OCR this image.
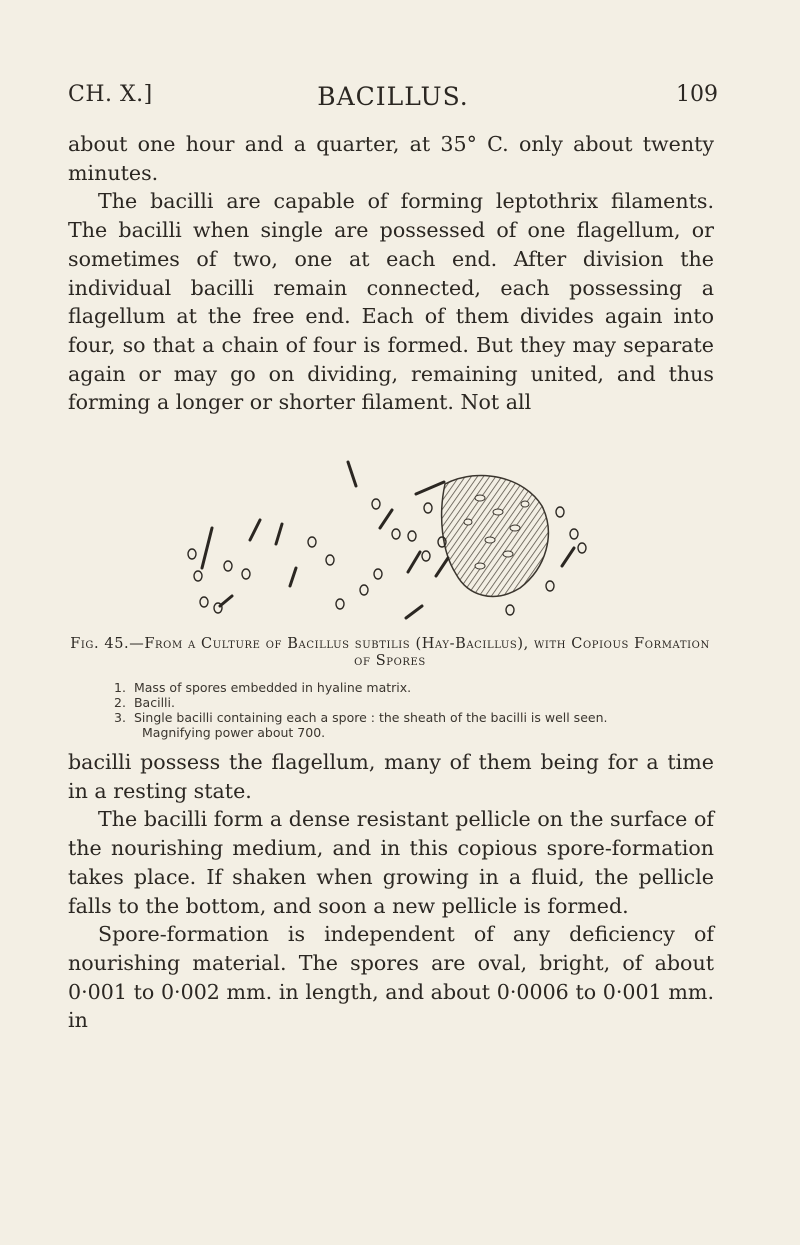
CH. X.]	BACILLUS.	109

about one hour and a quarter, at 35° C. only about twenty minutes.

The bacilli are capable of forming leptothrix filaments. The bacilli when single are possessed of one flagellum, or sometimes of two, one at each end. After division the individual bacilli remain connected, each possessing a flagellum at the free end. Each of them divides again into four, so that a chain of four is formed. But they may separate again or may go on dividing, remaining united, and thus forming a longer or shorter filament. Not all

Fig. 45.—From a Culture of Bacillus subtilis (Hay-Bacillus), with Copious Formation of Spores

1. Mass of spores embedded in hyaline matrix.
2. Bacilli.
3. Single bacilli containing each a spore : the sheath of the bacilli is well seen.
Magnifying power about 700.

bacilli possess the flagellum, many of them being for a time in a resting state.

The bacilli form a dense resistant pellicle on the surface of the nourishing medium, and in this copious spore-formation takes place. If shaken when growing in a fluid, the pellicle falls to the bottom, and soon a new pellicle is formed.

Spore-formation is independent of any deficiency of nourishing material. The spores are oval, bright, of about 0·001 to 0·002 mm. in length, and about 0·0006 to 0·001 mm. in
